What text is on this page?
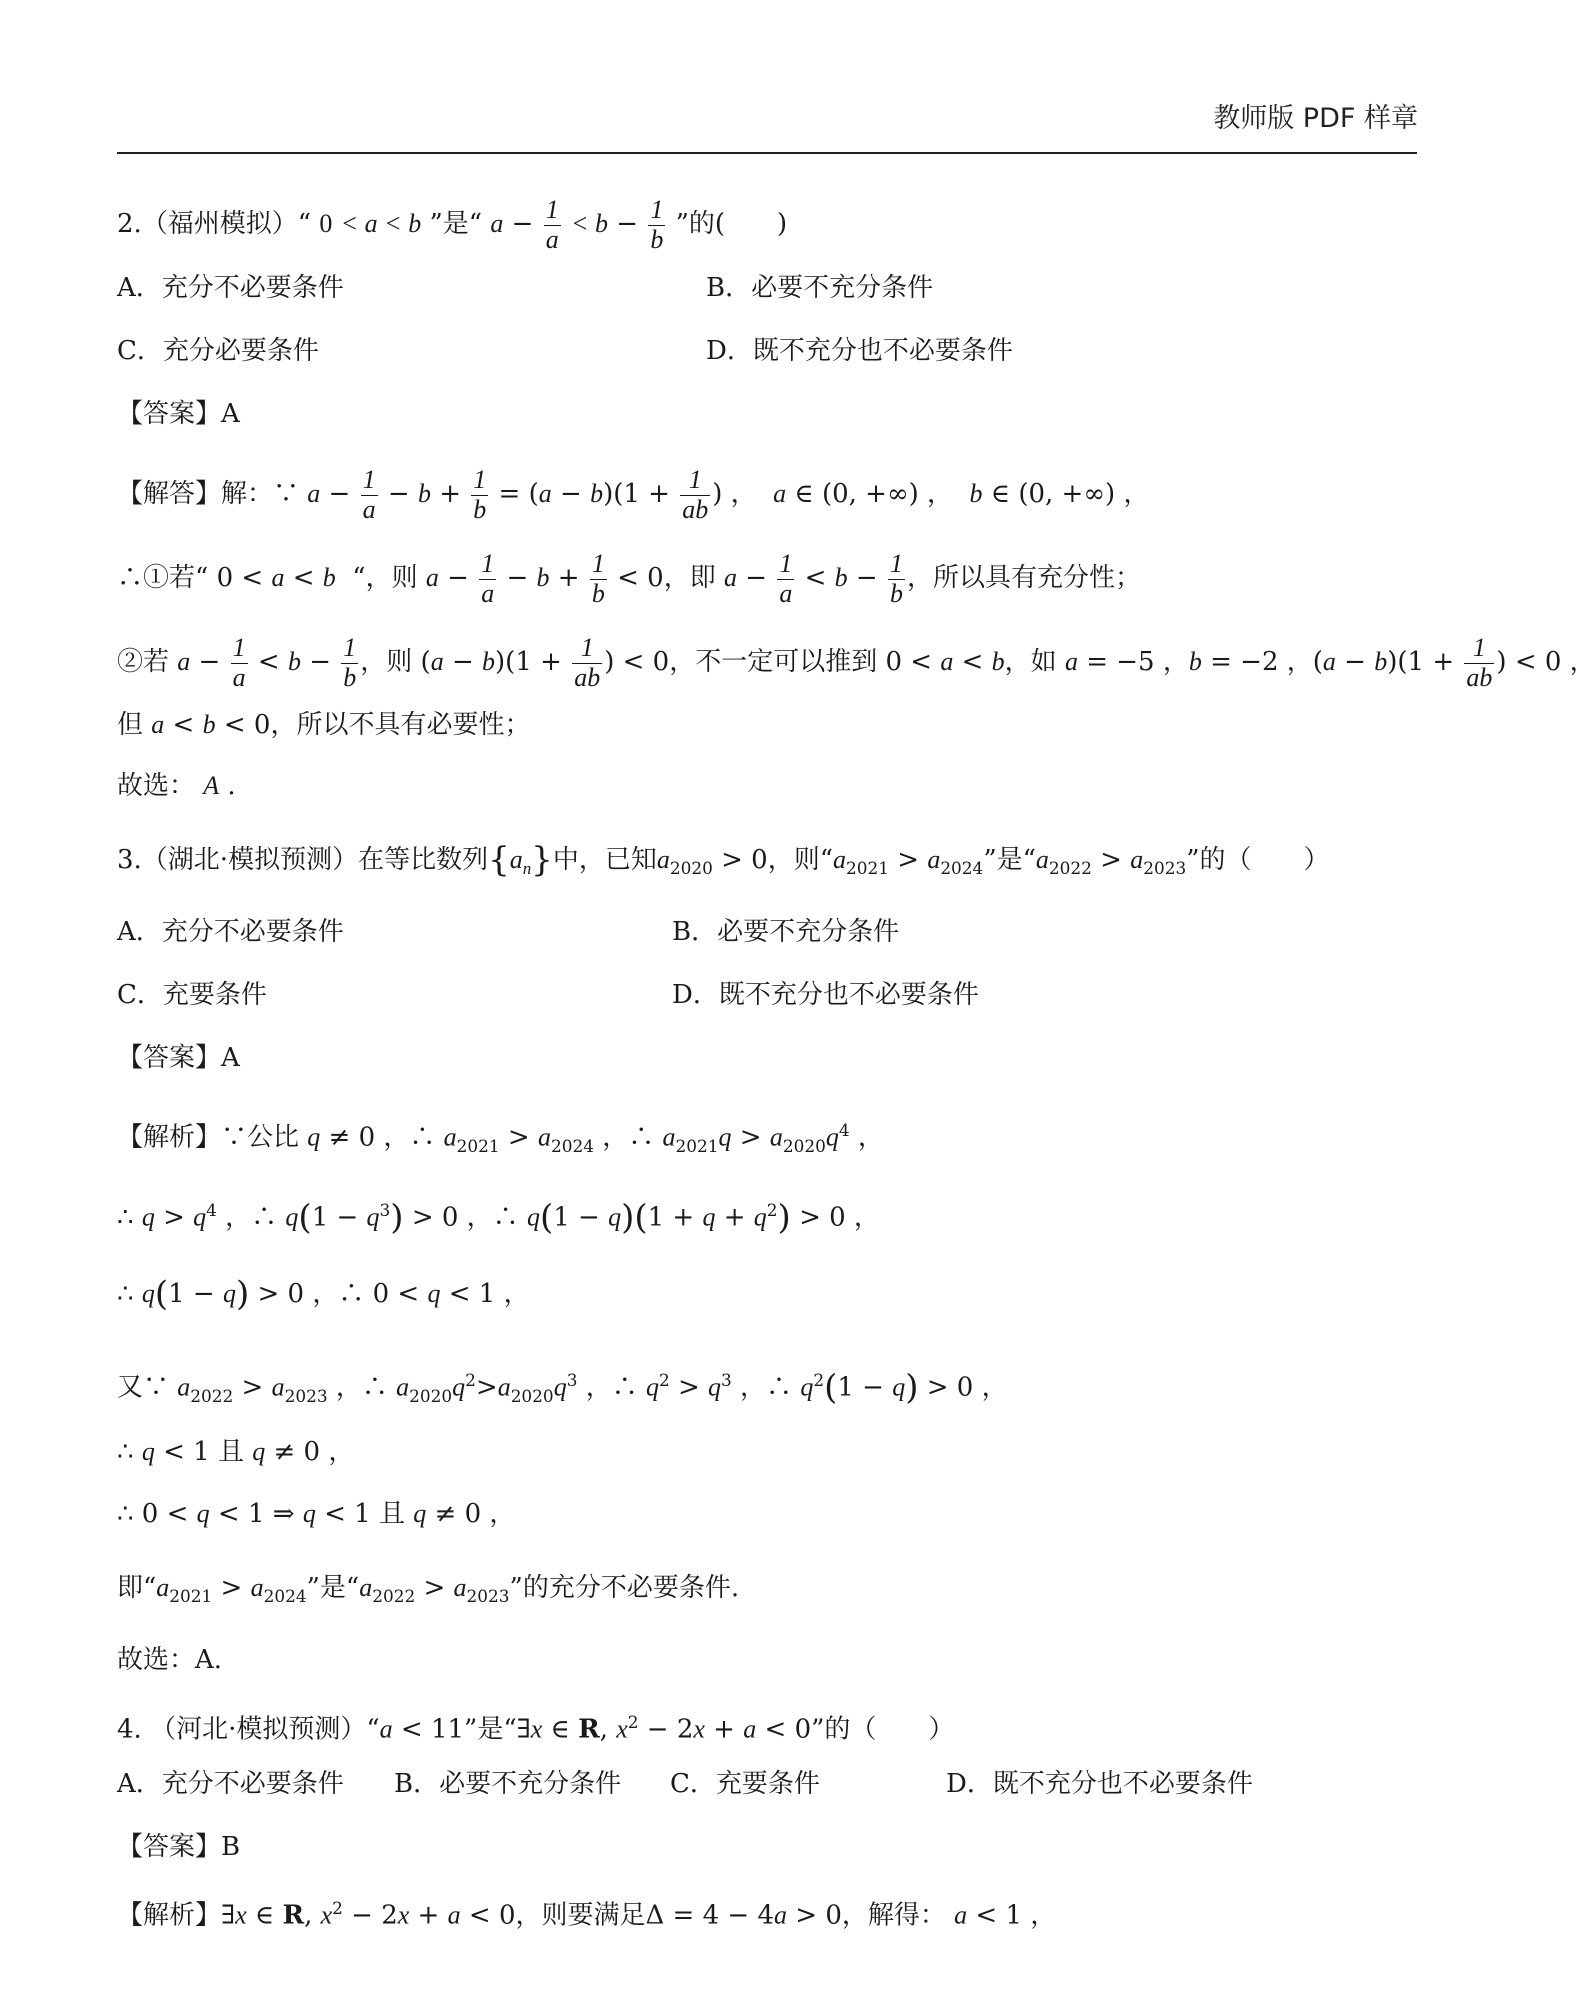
教师版 PDF 样章
2.（福州模拟）“ 0 < a < b ”是“ $a - \frac{1}{a} < b - \frac{1}{b}$ ”的(　　)
A．充分不必要条件	B．必要不充分条件
C．充分必要条件	D．既不充分也不必要条件
【答案】A
【解答】解：∵ $a - \frac{1}{a} - b + \frac{1}{b} = (a - b)(1 + \frac{1}{ab}$ ) ，  a ∈ (0, +∞) ，  b ∈ (0, +∞) ，
∴①若“ 0 < a < b “，则 $a - \frac{1}{a} - b + \frac{1}{b} < 0$，即 $a - \frac{1}{a} < b - \frac{1}{b}$ ，所以具有充分性；
②若 $a - \frac{1}{a} < b - \frac{1}{b}$ ，则 $(a - b)(1 + \frac{1}{ab}$ ) < 0，不一定可以推到 0 < a < b，如 a = −5 ，b = −2 ，$(a - b)(1 + \frac{1}{ab}$ ) < 0 ，
但 a < b < 0，所以不具有必要性；
故选： A .
3.（湖北·模拟预测）在等比数列$\{a_n\}$中，已知$a_{2020} > 0$，则“$a_{2021} > a_{2024}$”是“$a_{2022} > a_{2023}$”的（　　）
A．充分不必要条件	B．必要不充分条件
C．充要条件	D．既不充分也不必要条件
【答案】A
【解析】∵公比 q ≠ 0 ，∴ $a_{2021} > a_{2024}$ ，∴ $a_{2021}q > a_{2020}q^4$ ，
∴ $q > q^4$ ，∴ $q(1 - q^3) > 0$ ，∴ $q(1 - q)(1 + q + q^2) > 0$ ，
∴ q(1 − q) > 0 ，∴ 0 < q < 1 ，
又∵ $a_{2022} > a_{2023}$ ，∴ $a_{2020}q^2>a_{2020}q^3$ ，∴ $q^2 > q^3$ ，∴ $q^2(1 - q) > 0$ ，
∴ q < 1 且 q ≠ 0 ，
∴ 0 < q < 1 ⇒ q < 1 且 q ≠ 0 ，
即“$a_{2021} > a_{2024}$”是“$a_{2022} > a_{2023}$”的充分不必要条件.
故选：A.
4. （河北·模拟预测）“a < 11”是“∃x ∈ R, $x^2 - 2x + a < 0$”的（　　）
A．充分不必要条件 B．必要不充分条件 C．充要条件	D．既不充分也不必要条件
【答案】B
【解析】∃x ∈ R, $x^2 - 2x + a < 0$，则要满足Δ = 4 − 4a > 0，解得： a < 1 ，
